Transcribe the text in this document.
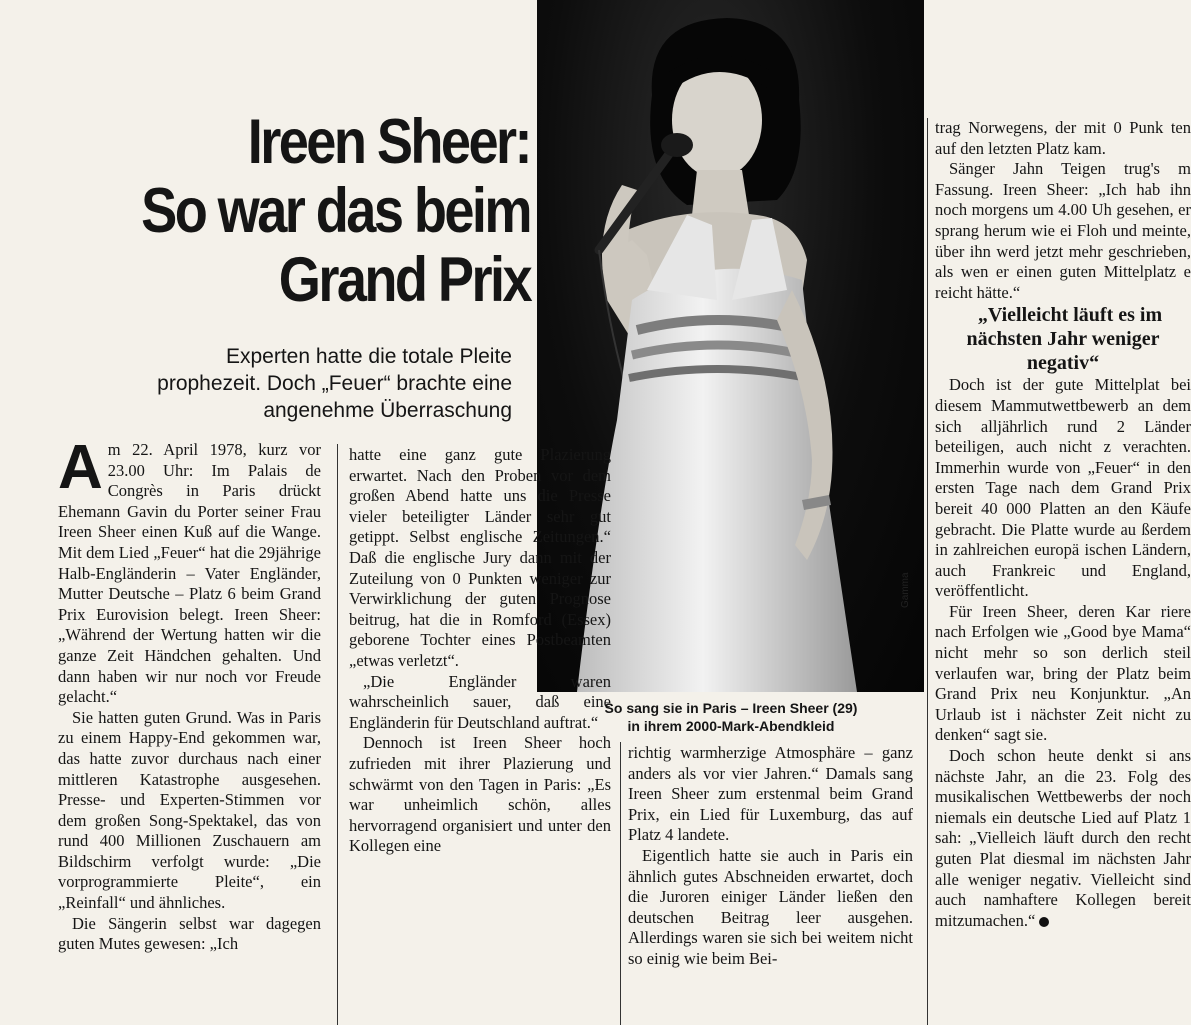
Ireen Sheer:
So war das beim
Grand Prix
Experten hatte die totale Pleite
prophezeit. Doch „Feuer“ brachte eine
angenehme Überraschung
Gamma
So sang sie in Paris – Ireen Sheer (29)
in ihrem 2000-Mark-Abendkleid

Am 22. April 1978, kurz vor 23.00 Uhr: Im Palais de Congrès in Paris drückt Ehemann Gavin du Porter seiner Frau Ireen Sheer einen Kuß auf die Wange. Mit dem Lied „Feuer“ hat die 29jährige Halb-Engländerin – Vater Engländer, Mutter Deutsche – Platz 6 beim Grand Prix Eurovision belegt. Ireen Sheer: „Während der Wertung hatten wir die ganze Zeit Händchen gehalten. Und dann haben wir nur noch vor Freude gelacht.“

Sie hatten guten Grund. Was in Paris zu einem Happy-End gekommen war, das hatte zuvor durchaus nach einer mittleren Katastrophe ausgesehen. Presse- und Experten-Stimmen vor dem großen Song-Spektakel, das von rund 400 Millionen Zuschauern am Bildschirm verfolgt wurde: „Die vorprogrammierte Pleite“, ein „Reinfall“ und ähnliches.

Die Sängerin selbst war dagegen guten Mutes gewesen: „Ich

hatte eine ganz gute Plazierung erwartet. Nach den Proben vor dem großen Abend hatte uns die Presse vieler beteiligter Länder sehr gut getippt. Selbst englische Zeitungen.“ Daß die englische Jury dann mit der Zuteilung von 0 Punkten weniger zur Verwirklichung der guten Prognose beitrug, hat die in Romford (Essex) geborene Tochter eines Postbeamten „etwas verletzt“.

„Die Engländer waren wahrscheinlich sauer, daß eine Engländerin für Deutschland auftrat.“

Dennoch ist Ireen Sheer hoch zufrieden mit ihrer Plazierung und schwärmt von den Tagen in Paris: „Es war unheimlich schön, alles hervorragend organisiert und unter den Kollegen eine

richtig warmherzige Atmosphäre – ganz anders als vor vier Jahren.“ Damals sang Ireen Sheer zum erstenmal beim Grand Prix, ein Lied für Luxemburg, das auf Platz 4 landete.

Eigentlich hatte sie auch in Paris ein ähnlich gutes Abschneiden erwartet, doch die Juroren einiger Länder ließen den deutschen Beitrag leer ausgehen. Allerdings waren sie sich bei weitem nicht so einig wie beim Bei-

trag Norwegens, der mit 0 Punk ten auf den letzten Platz kam.

Sänger Jahn Teigen trug's m Fassung. Ireen Sheer: „Ich hab ihn noch morgens um 4.00 Uh gesehen, er sprang herum wie ei Floh und meinte, über ihn werd jetzt mehr geschrieben, als wen er einen guten Mittelplatz e reicht hätte.“

„Vielleicht läuft es im nächsten Jahr weniger negativ“

Doch ist der gute Mittelplat bei diesem Mammutwettbewerb an dem sich alljährlich rund 2 Länder beteiligen, auch nicht z verachten. Immerhin wurde von „Feuer“ in den ersten Tage nach dem Grand Prix bereit 40 000 Platten an den Käufe gebracht. Die Platte wurde au ßerdem in zahlreichen europä ischen Ländern, auch Frankreic und England, veröffentlicht.

Für Ireen Sheer, deren Kar riere nach Erfolgen wie „Good bye Mama“ nicht mehr so son derlich steil verlaufen war, bring der Platz beim Grand Prix neu Konjunktur. „An Urlaub ist i nächster Zeit nicht zu denken“ sagt sie.

Doch schon heute denkt si ans nächste Jahr, an die 23. Folg des musikalischen Wettbewerbs der noch niemals ein deutsche Lied auf Platz 1 sah: „Vielleich läuft durch den recht guten Plat diesmal im nächsten Jahr alle weniger negativ. Vielleicht sind auch namhaftere Kollegen bereit mitzumachen.“
